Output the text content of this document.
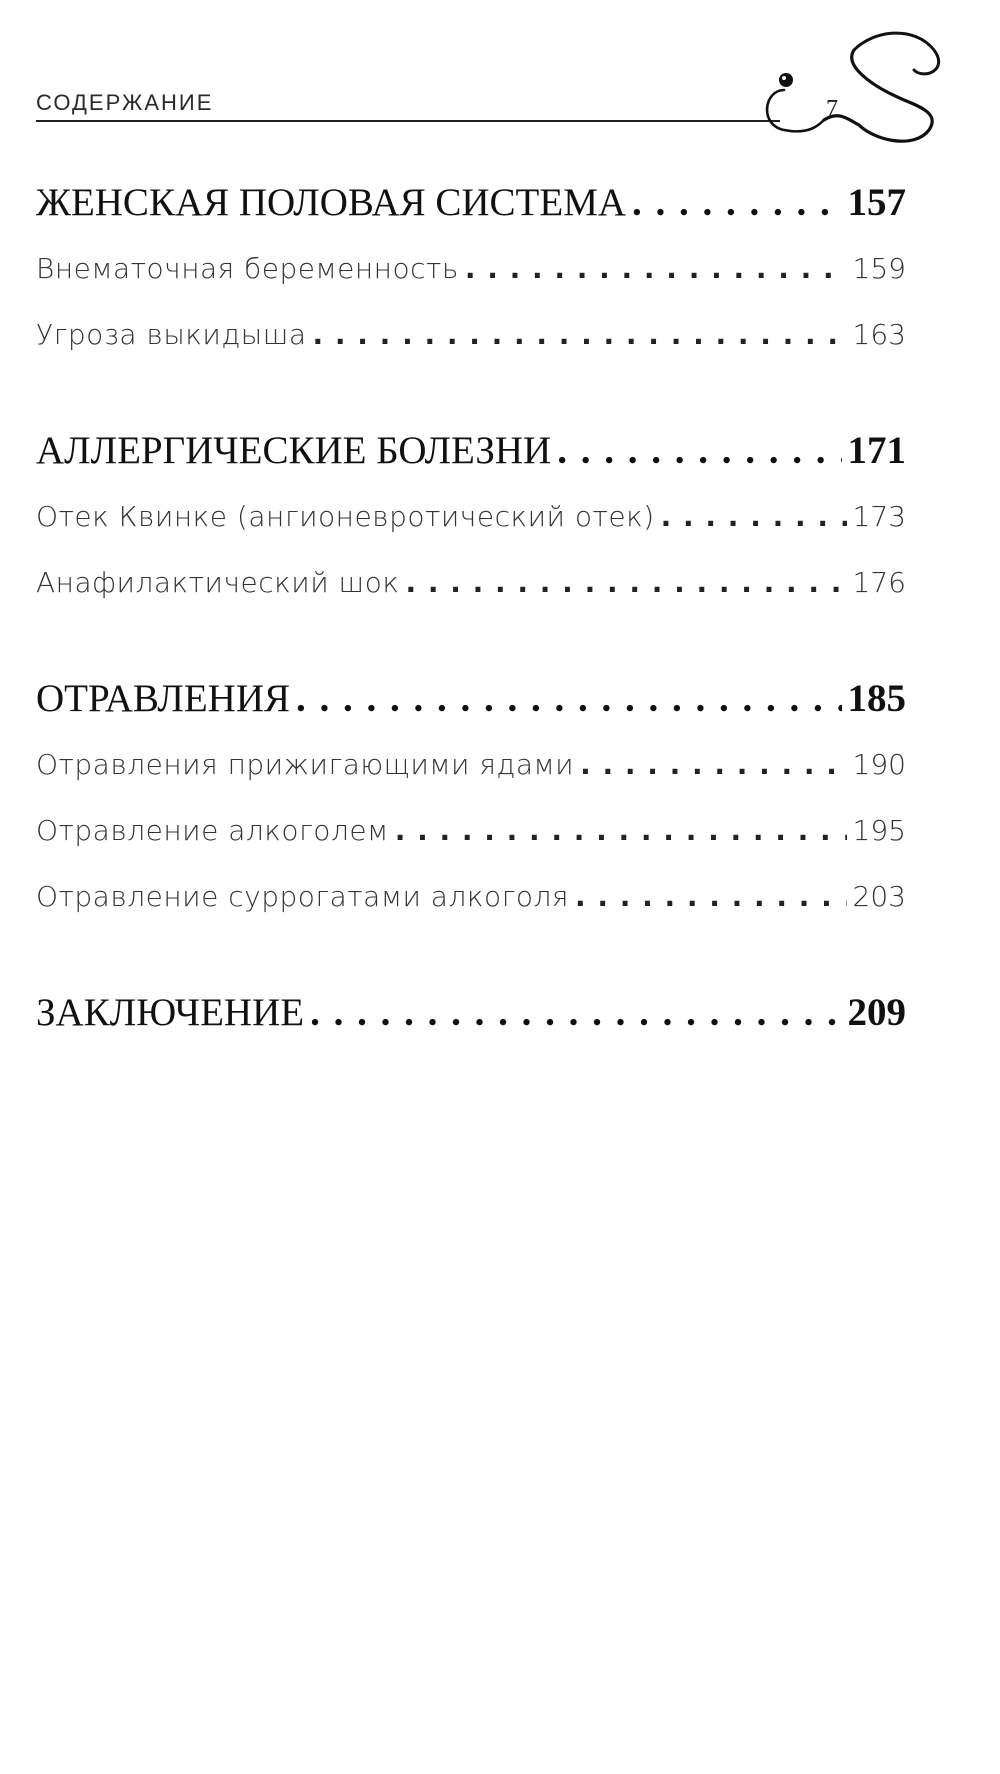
СОДЕРЖАНИЕ	7
ЖЕНСКАЯ ПОЛОВАЯ СИСТЕМА . . .	157
Внематочная беременность . . .	159
Угроза выкидыша . . .	163
АЛЛЕРГИЧЕСКИЕ БОЛЕЗНИ . . .	171
Отек Квинке (ангионевротический отек) . . .	173
Анафилактический шок . . .	176
ОТРАВЛЕНИЯ . . .	185
Отравления прижигающими ядами . . .	190
Отравление алкоголем . . .	195
Отравление суррогатами алкоголя . . .	203
ЗАКЛЮЧЕНИЕ . . .	209
